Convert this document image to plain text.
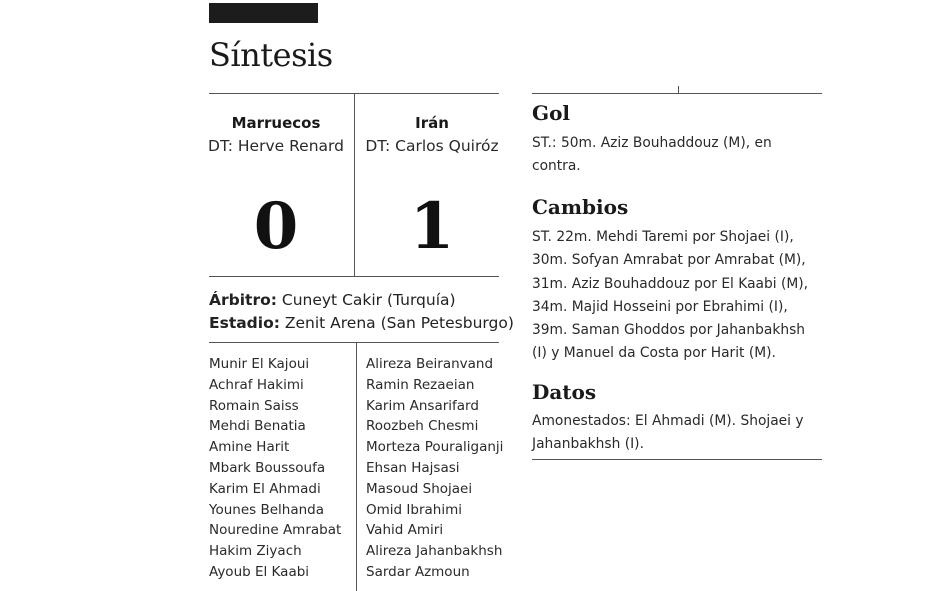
Síntesis
Marruecos
DT: Herve Renard
0
Irán
DT: Carlos Quiróz
1
Árbitro: Cuneyt Cakir (Turquía)
Estadio: Zenit Arena (San Petesburgo)
Munir El Kajoui
Achraf Hakimi
Romain Saiss
Mehdi Benatia
Amine Harit
Mbark Boussoufa
Karim El Ahmadi
Younes Belhanda
Nouredine Amrabat
Hakim Ziyach
Ayoub El Kaabi
Alireza Beiranvand
Ramin Rezaeian
Karim Ansarifard
Roozbeh Chesmi
Morteza Pouraliganji
Ehsan Hajsasi
Masoud Shojaei
Omid Ibrahimi
Vahid Amiri
Alireza Jahanbakhsh
Sardar Azmoun
Gol

ST.: 50m. Aziz Bouhaddouz (M), en contra.

Cambios

ST. 22m. Mehdi Taremi por Shojaei (I), 30m. Sofyan Amrabat por Amrabat (M), 31m. Aziz Bouhaddouz por El Kaabi (M), 34m. Majid Hosseini por Ebrahimi (I), 39m. Saman Ghoddos por Jahanbakhsh (I) y Manuel da Costa por Harit (M).

Datos

Amonestados: El Ahmadi (M). Shojaei y Jahanbakhsh (I).
